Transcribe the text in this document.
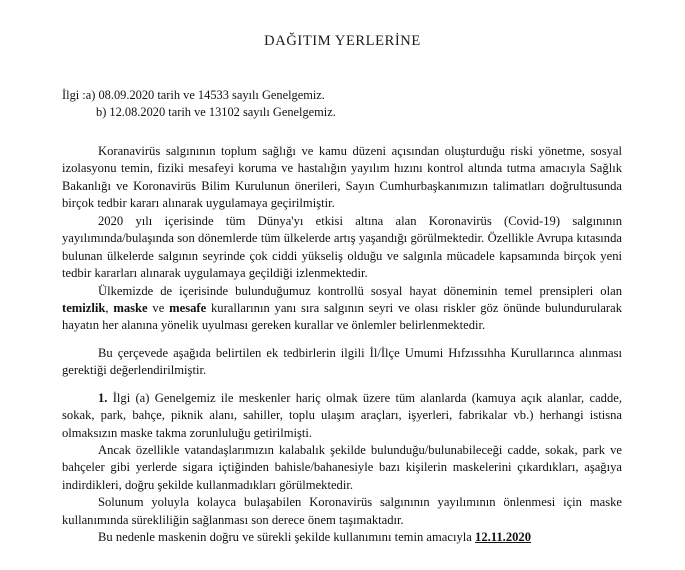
DAĞITIM YERLERİNE
İlgi :a) 08.09.2020 tarih ve 14533 sayılı Genelgemiz.
b) 12.08.2020 tarih ve 13102 sayılı Genelgemiz.

Koranavirüs salgınının toplum sağlığı ve kamu düzeni açısından oluşturduğu riski yönetme, sosyal izolasyonu temin, fiziki mesafeyi koruma ve hastalığın yayılım hızını kontrol altında tutma amacıyla Sağlık Bakanlığı ve Koronavirüs Bilim Kurulunun önerileri, Sayın Cumhurbaşkanımızın talimatları doğrultusunda birçok tedbir kararı alınarak uygulamaya geçirilmiştir.

2020 yılı içerisinde tüm Dünya'yı etkisi altına alan Koronavirüs (Covid-19) salgınının yayılımında/bulaşında son dönemlerde tüm ülkelerde artış yaşandığı görülmektedir. Özellikle Avrupa kıtasında bulunan ülkelerde salgının seyrinde çok ciddi yükseliş olduğu ve salgınla mücadele kapsamında birçok yeni tedbir kararları alınarak uygulamaya geçildiği izlenmektedir.

Ülkemizde de içerisinde bulunduğumuz kontrollü sosyal hayat döneminin temel prensipleri olan temizlik, maske ve mesafe kurallarının yanı sıra salgının seyri ve olası riskler göz önünde bulundurularak hayatın her alanına yönelik uyulması gereken kurallar ve önlemler belirlenmektedir.

Bu çerçevede aşağıda belirtilen ek tedbirlerin ilgili İl/İlçe Umumi Hıfzıssıhha Kurullarınca alınması gerektiği değerlendirilmiştir.

1. İlgi (a) Genelgemiz ile meskenler hariç olmak üzere tüm alanlarda (kamuya açık alanlar, cadde, sokak, park, bahçe, piknik alanı, sahiller, toplu ulaşım araçları, işyerleri, fabrikalar vb.) herhangi istisna olmaksızın maske takma zorunluluğu getirilmişti.

Ancak özellikle vatandaşlarımızın kalabalık şekilde bulunduğu/bulunabileceği cadde, sokak, park ve bahçeler gibi yerlerde sigara içtiğinden bahisle/bahanesiyle bazı kişilerin maskelerini çıkardıkları, aşağıya indirdikleri, doğru şekilde kullanmadıkları görülmektedir.

Solunum yoluyla kolayca bulaşabilen Koronavirüs salgınının yayılımının önlenmesi için maske kullanımında sürekliliğin sağlanması son derece önem taşımaktadır.

Bu nedenle maskenin doğru ve sürekli şekilde kullanımını temin amacıyla 12.11.2020
